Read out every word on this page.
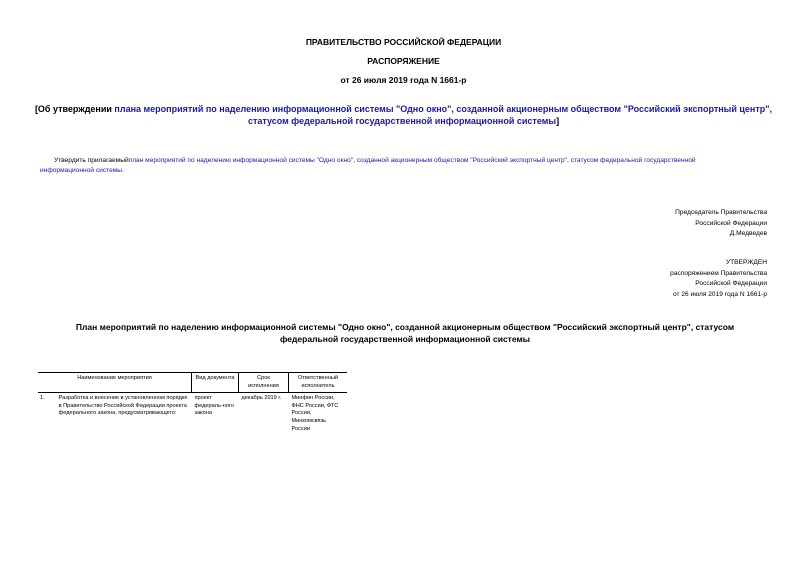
ПРАВИТЕЛЬСТВО РОССИЙСКОЙ ФЕДЕРАЦИИ
РАСПОРЯЖЕНИЕ
от 26 июля 2019 года N 1661-р
[Об утверждении плана мероприятий по наделению информационной системы "Одно окно", созданной акционерным обществом "Российский экспортный центр",
статусом федеральной государственной информационной системы]
Утвердить прилагаемыйплан мероприятий по наделению информационной системы "Одно окно", созданной акционерным обществом "Российский экспортный центр", статусом федеральной государственной
информационной системы.
Председатель Правительства
Российской Федерации
Д.Медведев
УТВЕРЖДЕН
распоряжением Правительства
Российской Федерации
от 26 июля 2019 года N 1661-р
План мероприятий по наделению информационной системы "Одно окно", созданной акционерным обществом "Российский экспортный центр", статусом
федеральной государственной информационной системы
Наименование мероприятия		Вид документа	Срок исполнения	Ответственный исполнитель
1.	Разработка и внесение в установленном порядке в Правительство Российской Федерации проекта федерального закона, предусматривающего:	проект федераль-ного закона	декабрь 2019 г.	Минфин России, ФНС России, ФТС России, Минкомсвязь России
